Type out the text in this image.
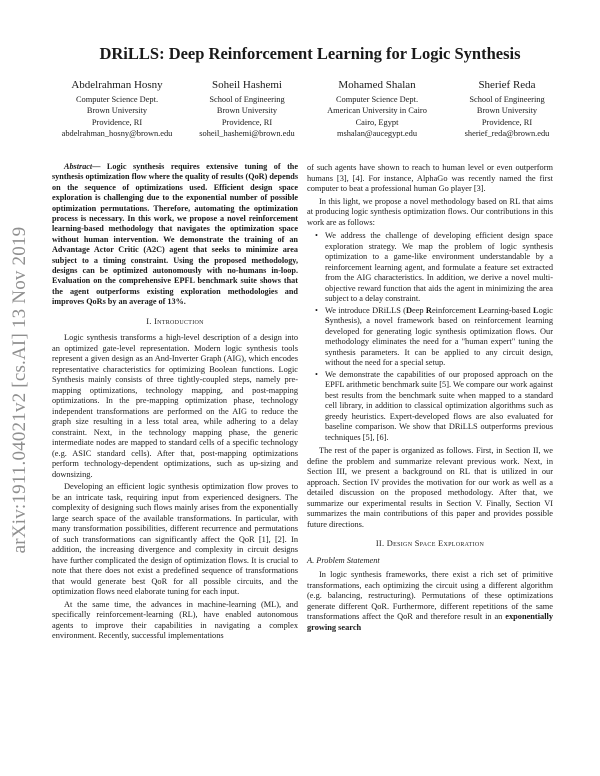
arXiv:1911.04021v2 [cs.AI] 13 Nov 2019
DRiLLS: Deep Reinforcement Learning for Logic Synthesis
Abdelrahman Hosny
Computer Science Dept.
Brown University
Providence, RI
abdelrahman_hosny@brown.edu
Soheil Hashemi
School of Engineering
Brown University
Providence, RI
soheil_hashemi@brown.edu
Mohamed Shalan
Computer Science Dept.
American University in Cairo
Cairo, Egypt
mshalan@aucegypt.edu
Sherief Reda
School of Engineering
Brown University
Providence, RI
sherief_reda@brown.edu

Abstract— Logic synthesis requires extensive tuning of the synthesis optimization flow where the quality of results (QoR) depends on the sequence of optimizations used. Efficient design space exploration is challenging due to the exponential number of possible optimization permutations. Therefore, automating the optimization process is necessary. In this work, we propose a novel reinforcement learning-based methodology that navigates the optimization space without human intervention. We demonstrate the training of an Advantage Actor Critic (A2C) agent that seeks to minimize area subject to a timing constraint. Using the proposed methodology, designs can be optimized autonomously with no-humans in-loop. Evaluation on the comprehensive EPFL benchmark suite shows that the agent outperforms existing exploration methodologies and improves QoRs by an average of 13%.

I. Introduction

Logic synthesis transforms a high-level description of a design into an optimized gate-level representation. Modern logic synthesis tools represent a given design as an And-Inverter Graph (AIG), which encodes representative characteristics for optimizing Boolean functions. Logic Synthesis mainly consists of three tightly-coupled steps, namely pre-mapping optimizations, technology mapping, and post-mapping optimizations. In the pre-mapping optimization phase, technology independent transformations are performed on the AIG to reduce the graph size resulting in a less total area, while adhering to a delay constraint. Next, in the technology mapping phase, the generic intermediate nodes are mapped to standard cells of a specific technology (e.g. ASIC standard cells). After that, post-mapping optimizations perform technology-dependent optimizations, such as up-sizing and downsizing.

Developing an efficient logic synthesis optimization flow proves to be an intricate task, requiring input from experienced designers. The complexity of designing such flows mainly arises from the exponentially large search space of the available transformations. In particular, with many transformation possibilities, different recurrence and permutations of such transformations can significantly affect the QoR [1], [2]. In addition, the increasing divergence and complexity in circuit designs have further complicated the design of optimization flows. It is crucial to note that there does not exist a predefined sequence of transformations that would generate best QoR for all possible circuits, and the optimization flows need elaborate tuning for each input.

At the same time, the advances in machine-learning (ML), and specifically reinforcement-learning (RL), have enabled autonomous agents to improve their capabilities in navigating a complex environment. Recently, successful implementations

of such agents have shown to reach to human level or even outperform humans [3], [4]. For instance, AlphaGo was recently named the first computer to beat a professional human Go player [3].

In this light, we propose a novel methodology based on RL that aims at producing logic synthesis optimization flows. Our contributions in this work are as follows:

• We address the challenge of developing efficient design space exploration strategy. We map the problem of logic synthesis optimization to a game-like environment understandable by a reinforcement learning agent, and formulate a feature set extracted from the AIG characteristics. In addition, we derive a novel multi-objective reward function that aids the agent in minimizing the area subject to a delay constraint.
• We introduce DRiLLS (Deep Reinforcement Learning-based Logic Synthesis), a novel framework based on reinforcement learning developed for generating logic synthesis optimization flows. Our methodology eliminates the need for a "human expert" tuning the synthesis parameters. It can be applied to any circuit design, without the need for a special setup.
• We demonstrate the capabilities of our proposed approach on the EPFL arithmetic benchmark suite [5]. We compare our work against best results from the benchmark suite when mapped to a standard cell library, in addition to classical optimization algorithms such as greedy heuristics. Expert-developed flows are also evaluated for baseline comparison. We show that DRiLLS outperforms previous techniques [5], [6].

The rest of the paper is organized as follows. First, in Section II, we define the problem and summarize relevant previous work. Next, in Section III, we present a background on RL that is utilized in our approach. Section IV provides the motivation for our work as well as a detailed discussion on the proposed methodology. After that, we summarize our experimental results in Section V. Finally, Section VI summarizes the main contributions of this paper and provides possible future directions.

II. Design Space Exploration
A. Problem Statement

In logic synthesis frameworks, there exist a rich set of primitive transformations, each optimizing the circuit using a different algorithm (e.g. balancing, restructuring). Permutations of these optimizations generate different QoR. Furthermore, different repetitions of the same transformations affect the QoR and therefore result in an exponentially growing search
